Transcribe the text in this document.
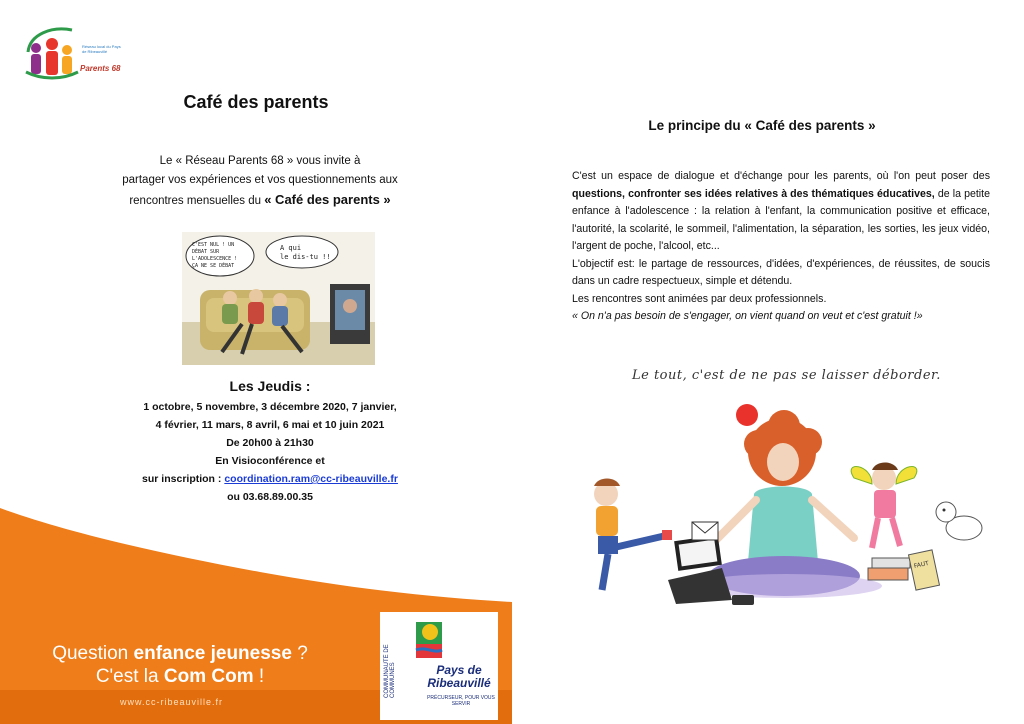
Réseau local du Pays de Ribeauvillé
Parents 68
Café des parents
Le « Réseau Parents 68 » vous invite à
partager vos expériences et vos questionnements aux
rencontres mensuelles du « Café des parents »
C'EST NUL ! UN
DÉBAT SUR
L'ADOLESCENCE !
ÇA NE SE DÉBAT
A qui
le dis-tu !!
Les Jeudis :
1 octobre, 5 novembre, 3 décembre 2020, 7 janvier,
4 février, 11 mars, 8 avril, 6 mai et 10 juin 2021
De 20h00 à 21h30
En Visioconférence et
sur inscription : coordination.ram@cc-ribeauville.fr
ou 03.68.89.00.35
Question enfance jeunesse ?
C'est la Com Com !
www.cc-ribeauville.fr
COMMUNAUTÉ DE COMMUNES	Pays de Ribeauvillé
PRÉCURSEUR, POUR VOUS SERVIR
Le principe du « Café des parents »

C'est un espace de dialogue et d'échange pour les parents, où l'on peut poser des questions, confronter ses idées relatives à des thématiques éducatives, de la petite enfance à l'adolescence : la relation à l'enfant, la communication positive et efficace, l'autorité, la scolarité, le sommeil, l'alimentation, la séparation, les sorties, les jeux vidéo, l'argent de poche, l'alcool, etc...

L'objectif est: le partage de ressources, d'idées, d'expériences, de réussites, de soucis dans un cadre respectueux, simple et détendu.

Les rencontres sont animées par deux professionnels.

« On n'a pas besoin de s'engager, on vient quand on veut et c'est gratuit !»

Le tout, c'est de ne pas se laisser déborder.
FAUT
